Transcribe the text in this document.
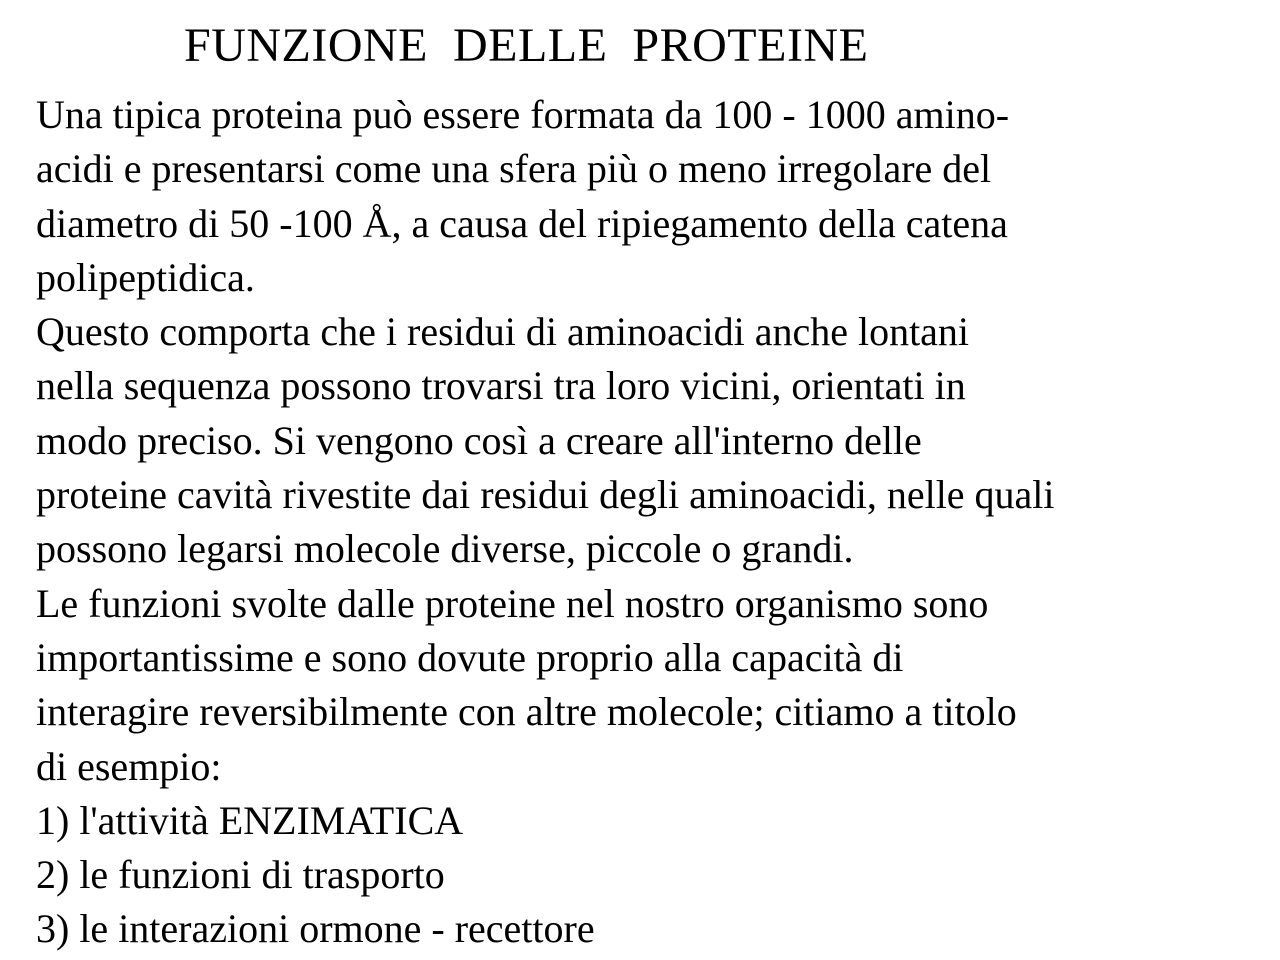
FUNZIONE  DELLE  PROTEINE
Una tipica proteina può essere formata da 100 - 1000 amino-
acidi e presentarsi come una sfera più o meno irregolare del
diametro di 50 -100 Å, a causa del ripiegamento della catena
polipeptidica.
Questo comporta che i residui di aminoacidi anche lontani
nella sequenza possono trovarsi tra loro vicini, orientati in
modo preciso. Si vengono così a creare all'interno delle
proteine cavità rivestite dai residui degli aminoacidi, nelle quali
possono legarsi molecole diverse, piccole o grandi.
Le funzioni svolte dalle proteine nel nostro organismo sono
importantissime e sono dovute proprio alla capacità di
interagire reversibilmente con altre molecole; citiamo a titolo
di esempio:
1) l'attività ENZIMATICA
2) le funzioni di trasporto
3) le interazioni ormone - recettore
